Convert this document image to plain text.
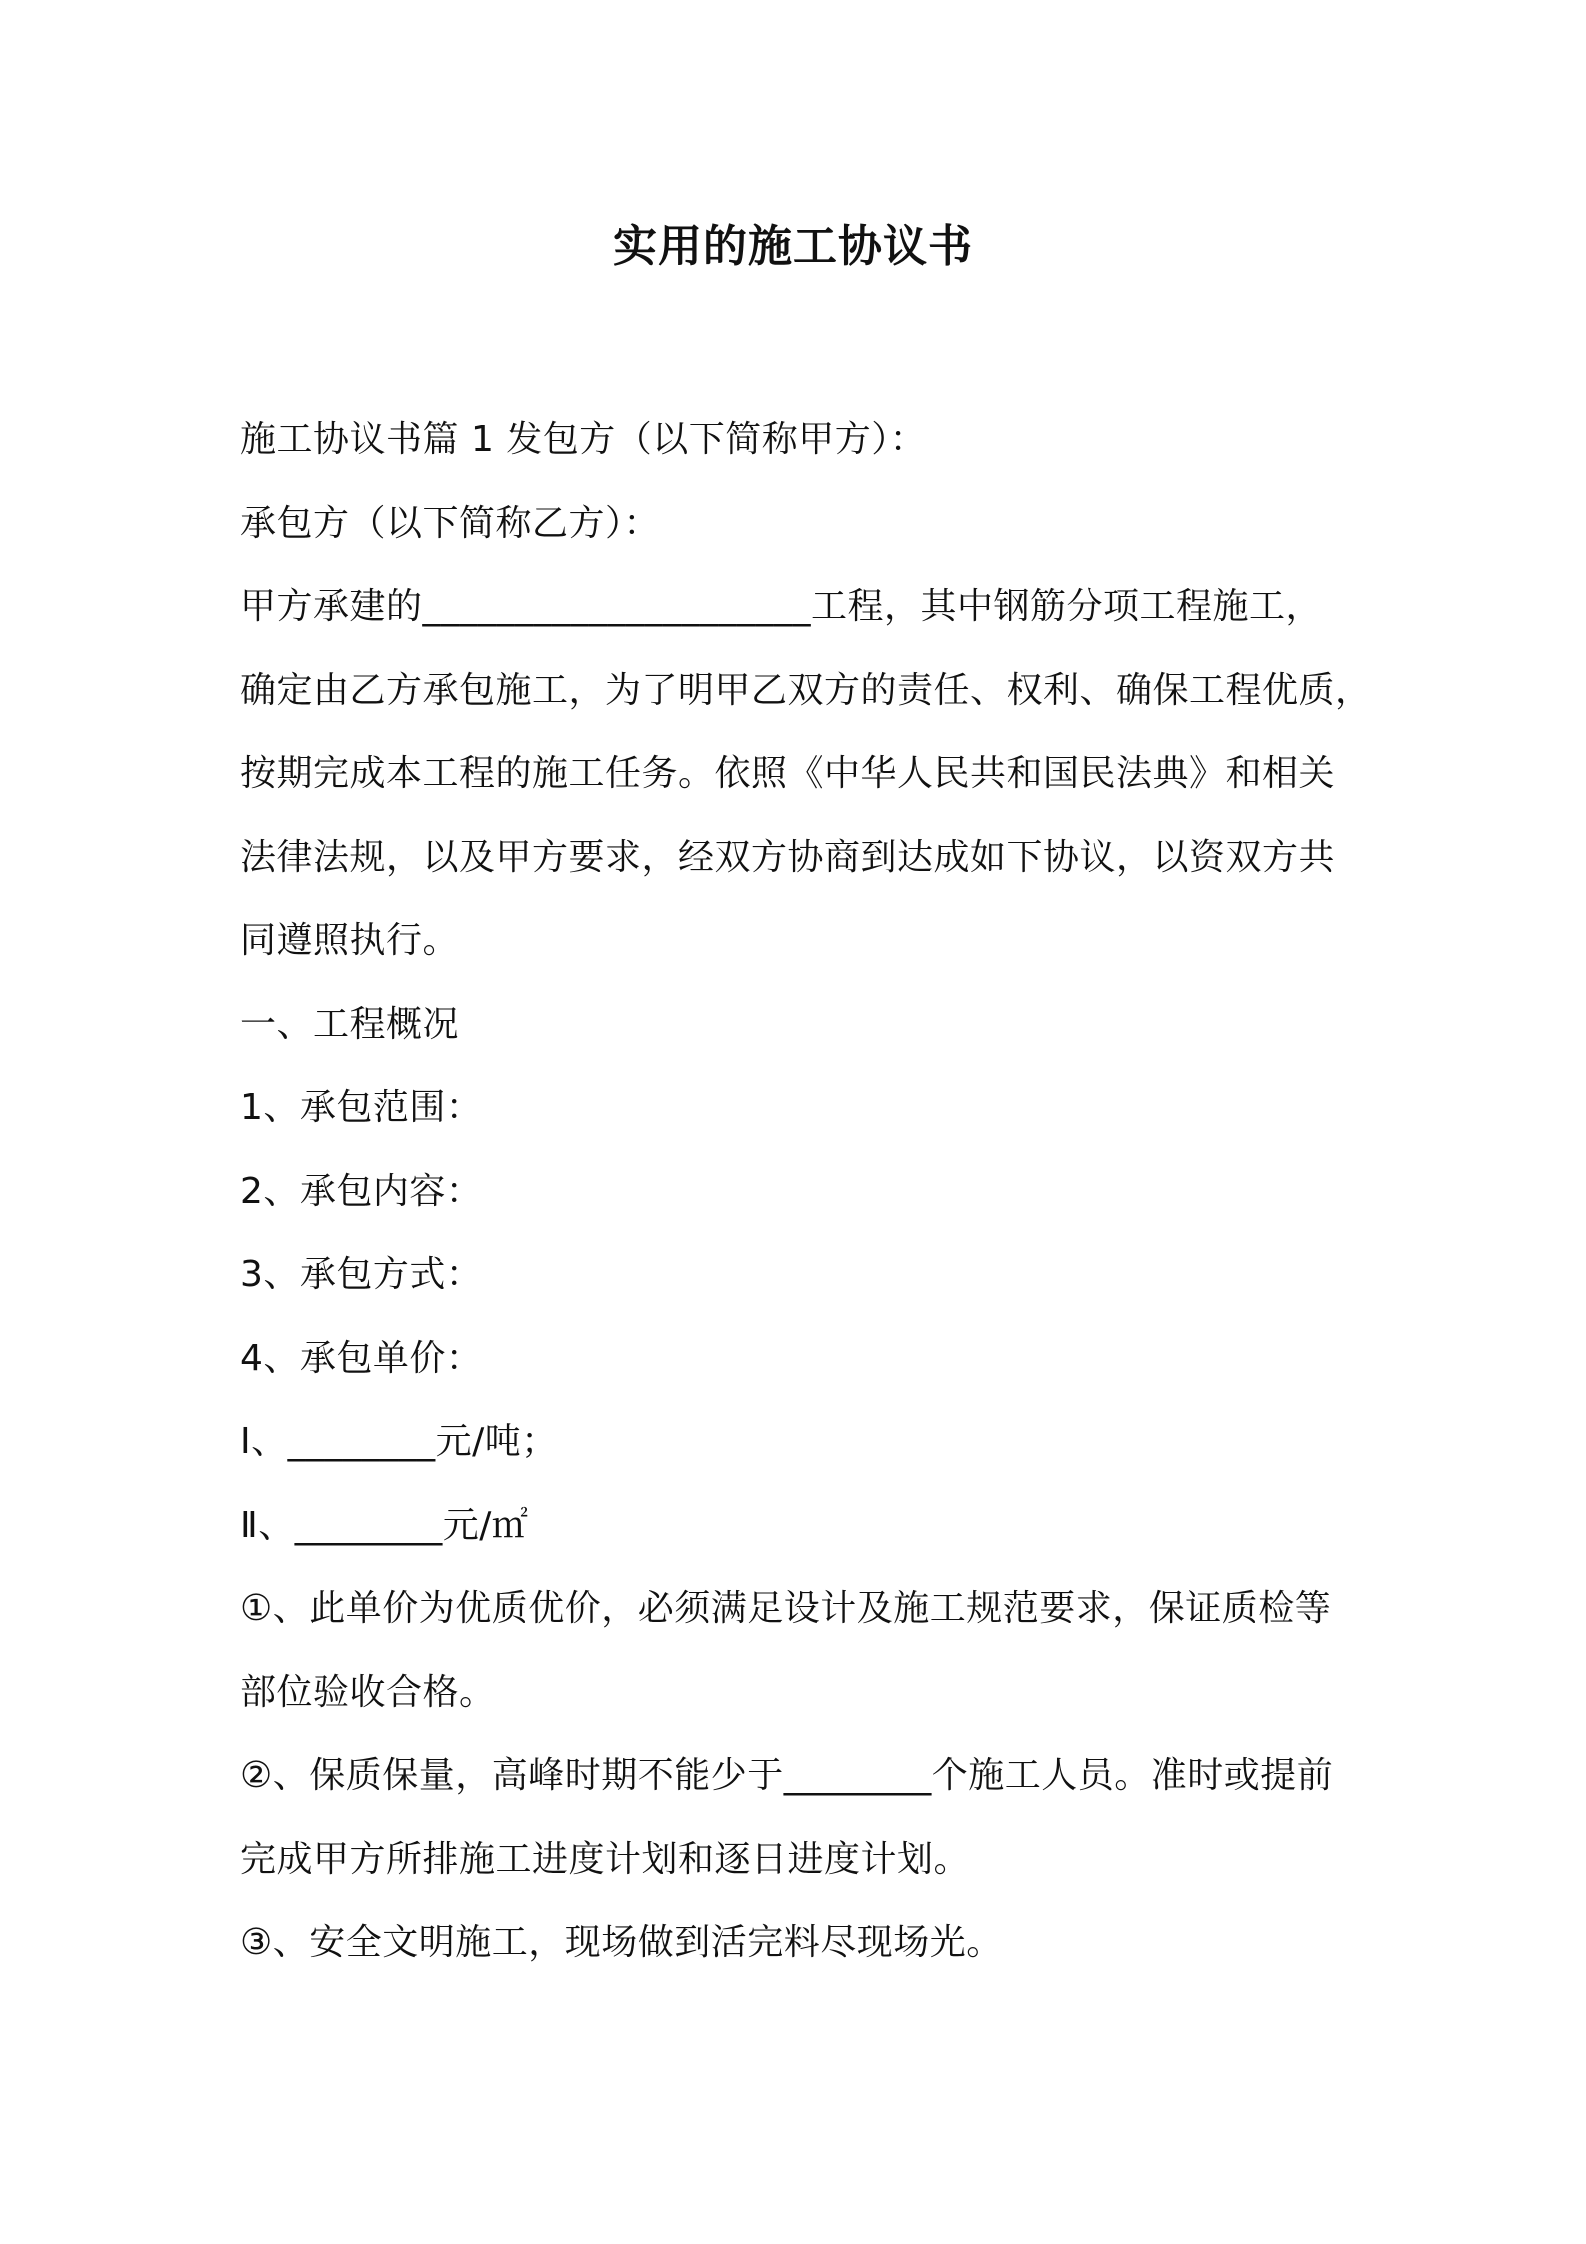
实用的施工协议书
施工协议书篇 1 发包方（以下简称甲方）：
承包方（以下简称乙方）：
甲方承建的_____________________工程，其中钢筋分项工程施工，
确定由乙方承包施工，为了明甲乙双方的责任、权利、确保工程优质，
按期完成本工程的施工任务。依照《中华人民共和国民法典》和相关
法律法规，以及甲方要求，经双方协商到达成如下协议，以资双方共
同遵照执行。
一、工程概况
1、承包范围：
2、承包内容：
3、承包方式：
4、承包单价：
Ⅰ、________元/吨；
Ⅱ、________元/㎡
①、此单价为优质优价，必须满足设计及施工规范要求，保证质检等
部位验收合格。
②、保质保量，高峰时期不能少于________个施工人员。准时或提前
完成甲方所排施工进度计划和逐日进度计划。
③、安全文明施工，现场做到活完料尽现场光。
